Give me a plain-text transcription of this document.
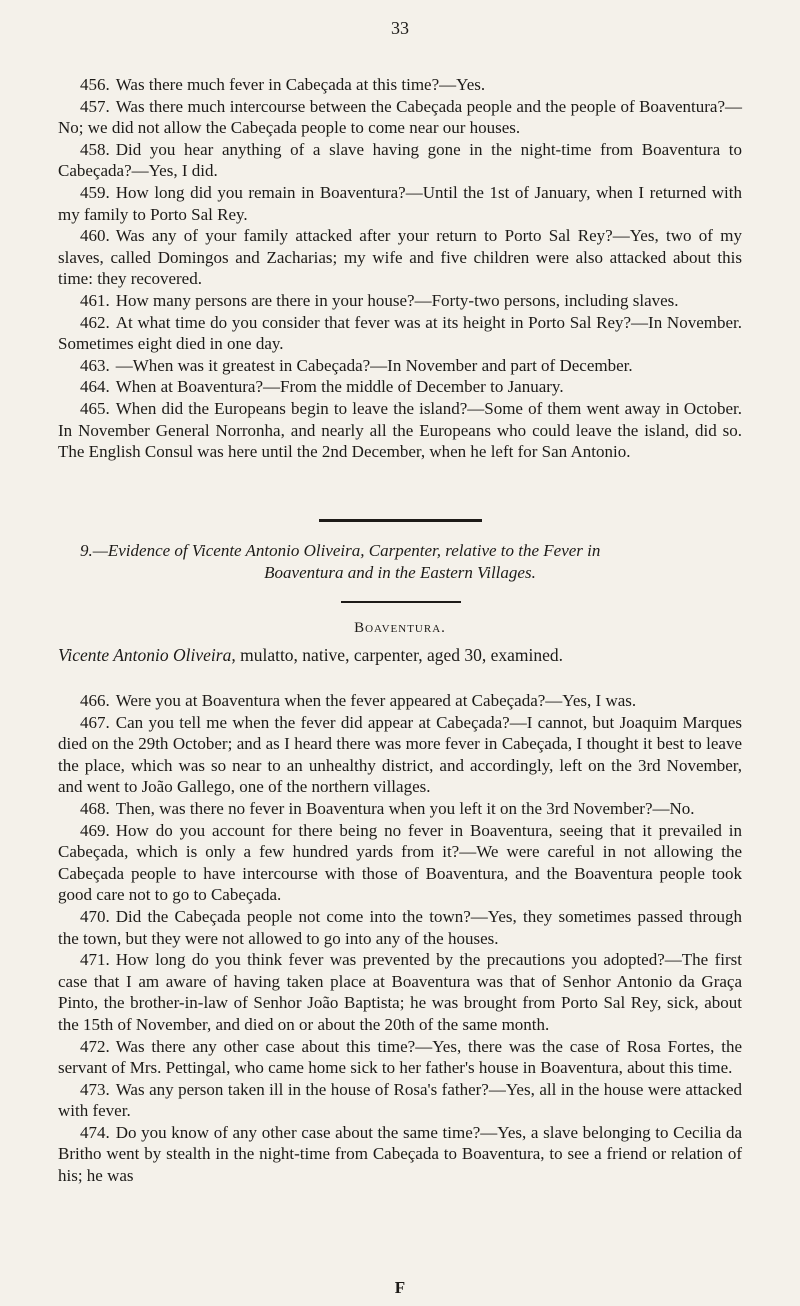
33

456. Was there much fever in Cabeçada at this time?—Yes.

457. Was there much intercourse between the Cabeçada people and the people of Boaventura?—No; we did not allow the Cabeçada people to come near our houses.

458. Did you hear anything of a slave having gone in the night-time from Boaventura to Cabeçada?—Yes, I did.

459. How long did you remain in Boaventura?—Until the 1st of January, when I returned with my family to Porto Sal Rey.

460. Was any of your family attacked after your return to Porto Sal Rey?—Yes, two of my slaves, called Domingos and Zacharias; my wife and five children were also attacked about this time: they recovered.

461. How many persons are there in your house?—Forty-two persons, including slaves.

462. At what time do you consider that fever was at its height in Porto Sal Rey?—In November. Sometimes eight died in one day.

463. —When was it greatest in Cabeçada?—In November and part of December.

464. When at Boaventura?—From the middle of December to January.

465. When did the Europeans begin to leave the island?—Some of them went away in October. In November General Norronha, and nearly all the Europeans who could leave the island, did so. The English Consul was here until the 2nd December, when he left for San Antonio.

9.—Evidence of Vicente Antonio Oliveira, Carpenter, relative to the Fever in
Boaventura and in the Eastern Villages.
Boaventura.
Vicente Antonio Oliveira, mulatto, native, carpenter, aged 30, examined.

466. Were you at Boaventura when the fever appeared at Cabeçada?—Yes, I was.

467. Can you tell me when the fever did appear at Cabeçada?—I cannot, but Joaquim Marques died on the 29th October; and as I heard there was more fever in Cabeçada, I thought it best to leave the place, which was so near to an unhealthy district, and accordingly, left on the 3rd November, and went to João Gallego, one of the northern villages.

468. Then, was there no fever in Boaventura when you left it on the 3rd November?—No.

469. How do you account for there being no fever in Boaventura, seeing that it prevailed in Cabeçada, which is only a few hundred yards from it?—We were careful in not allowing the Cabeçada people to have intercourse with those of Boaventura, and the Boaventura people took good care not to go to Cabeçada.

470. Did the Cabeçada people not come into the town?—Yes, they sometimes passed through the town, but they were not allowed to go into any of the houses.

471. How long do you think fever was prevented by the precautions you adopted?—The first case that I am aware of having taken place at Boaventura was that of Senhor Antonio da Graça Pinto, the brother-in-law of Senhor João Baptista; he was brought from Porto Sal Rey, sick, about the 15th of November, and died on or about the 20th of the same month.

472. Was there any other case about this time?—Yes, there was the case of Rosa Fortes, the servant of Mrs. Pettingal, who came home sick to her father's house in Boaventura, about this time.

473. Was any person taken ill in the house of Rosa's father?—Yes, all in the house were attacked with fever.

474. Do you know of any other case about the same time?—Yes, a slave belonging to Cecilia da Britho went by stealth in the night-time from Cabeçada to Boaventura, to see a friend or relation of his; he was

F
